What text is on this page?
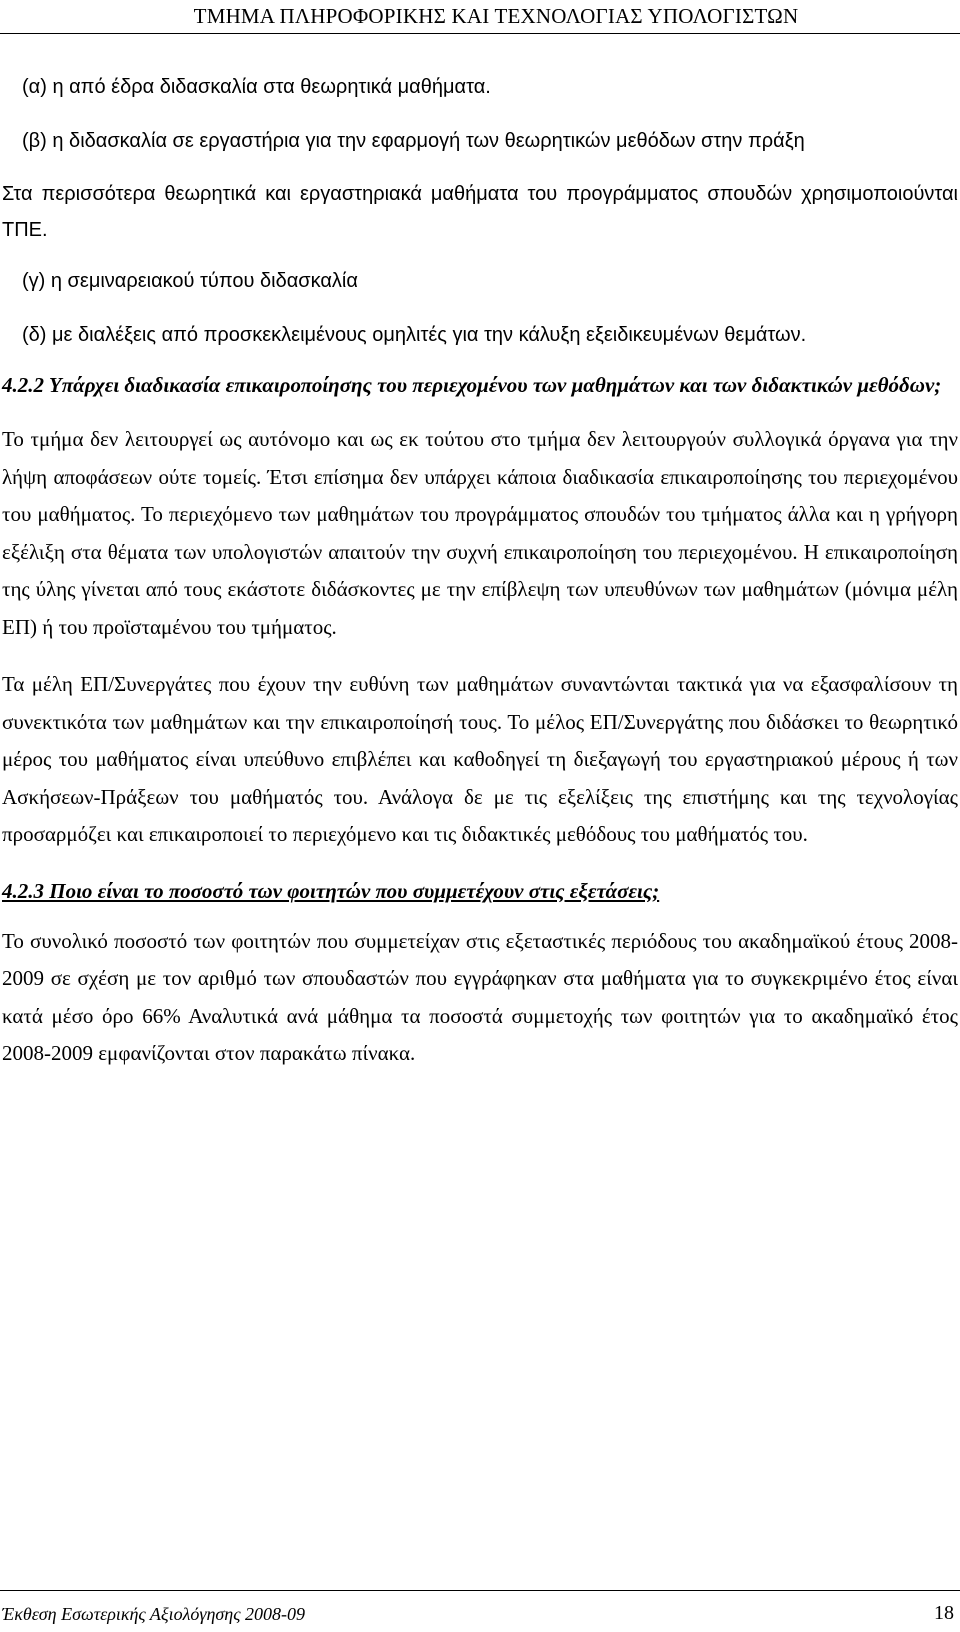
ΤΜΗΜΑ ΠΛΗΡΟΦΟΡΙΚΗΣ ΚΑΙ ΤΕΧΝΟΛΟΓΙΑΣ ΥΠΟΛΟΓΙΣΤΩΝ

(α) η από έδρα διδασκαλία στα θεωρητικά μαθήματα.

(β) η διδασκαλία σε εργαστήρια για την εφαρμογή των θεωρητικών μεθόδων στην πράξη

Στα περισσότερα θεωρητικά και εργαστηριακά μαθήματα του προγράμματος σπουδών χρησιμοποιούνται ΤΠΕ.

(γ) η σεμιναρειακού τύπου διδασκαλία

(δ) με διαλέξεις από προσκεκλειμένους ομηλιτές για την κάλυξη εξειδικευμένων θεμάτων.

4.2.2 Υπάρχει διαδικασία επικαιροποίησης του περιεχομένου των μαθημάτων και των διδακτικών μεθόδων;

Το τμήμα δεν λειτουργεί ως αυτόνομο και ως εκ τούτου στο τμήμα δεν λειτουργούν συλλογικά όργανα για την λήψη αποφάσεων ούτε τομείς. Έτσι επίσημα δεν υπάρχει κάποια διαδικασία επικαιροποίησης του περιεχομένου του μαθήματος. Το περιεχόμενο των μαθημάτων του προγράμματος σπουδών του τμήματος άλλα και η γρήγορη εξέλιξη στα θέματα των υπολογιστών απαιτούν την συχνή επικαιροποίηση του περιεχομένου. Η επικαιροποίηση της ύλης γίνεται από τους εκάστοτε διδάσκοντες με την επίβλεψη των υπευθύνων των μαθημάτων (μόνιμα μέλη ΕΠ) ή του προϊσταμένου του τμήματος.

Τα μέλη ΕΠ/Συνεργάτες που έχουν την ευθύνη των μαθημάτων συναντώνται τακτικά για να εξασφαλίσουν τη συνεκτικότα των μαθημάτων και την επικαιροποίησή τους. Το μέλος ΕΠ/Συνεργάτης που διδάσκει το θεωρητικό μέρος του μαθήματος είναι υπεύθυνο επιβλέπει και καθοδηγεί τη διεξαγωγή του εργαστηριακού μέρους ή των Ασκήσεων-Πράξεων του μαθήματός του. Ανάλογα δε με τις εξελίξεις της επιστήμης και της τεχνολογίας προσαρμόζει και επικαιροποιεί το περιεχόμενο και τις διδακτικές μεθόδους του μαθήματός του.

4.2.3 Ποιο είναι το ποσοστό των φοιτητών που συμμετέχουν στις εξετάσεις;

Το συνολικό ποσοστό των φοιτητών που συμμετείχαν στις εξεταστικές περιόδους του ακαδημαϊκού έτους 2008-2009 σε σχέση με τον αριθμό των σπουδαστών που εγγράφηκαν στα μαθήματα για το συγκεκριμένο έτος είναι κατά μέσο όρο 66% Αναλυτικά ανά μάθημα τα ποσοστά συμμετοχής των φοιτητών για το ακαδημαϊκό έτος 2008-2009 εμφανίζονται στον παρακάτω πίνακα.

Έκθεση Εσωτερικής Αξιολόγησης 2008-09	18
